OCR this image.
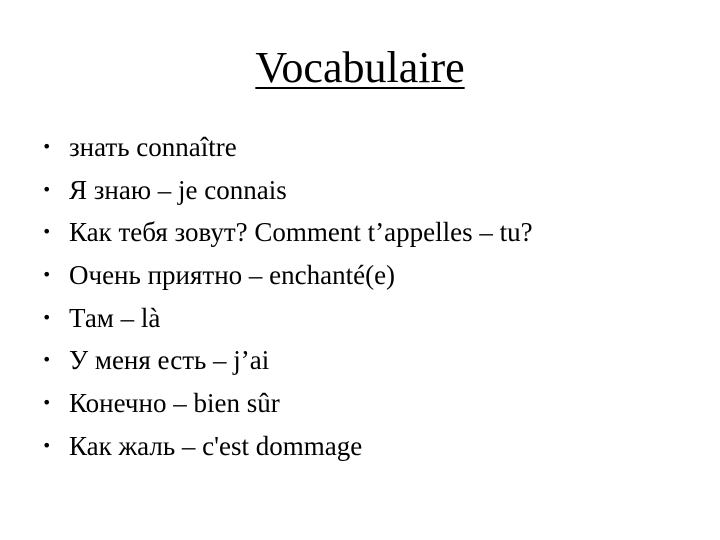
Vocabulaire
• знать connaître
• Я знаю – je connais
• Как тебя зовут? Comment t’appelles – tu?
• Очень приятно – enchanté(e)
• Там – là
• У меня есть – j’ai
• Конечно – bien sûr
• Как жаль – c'est dommage
